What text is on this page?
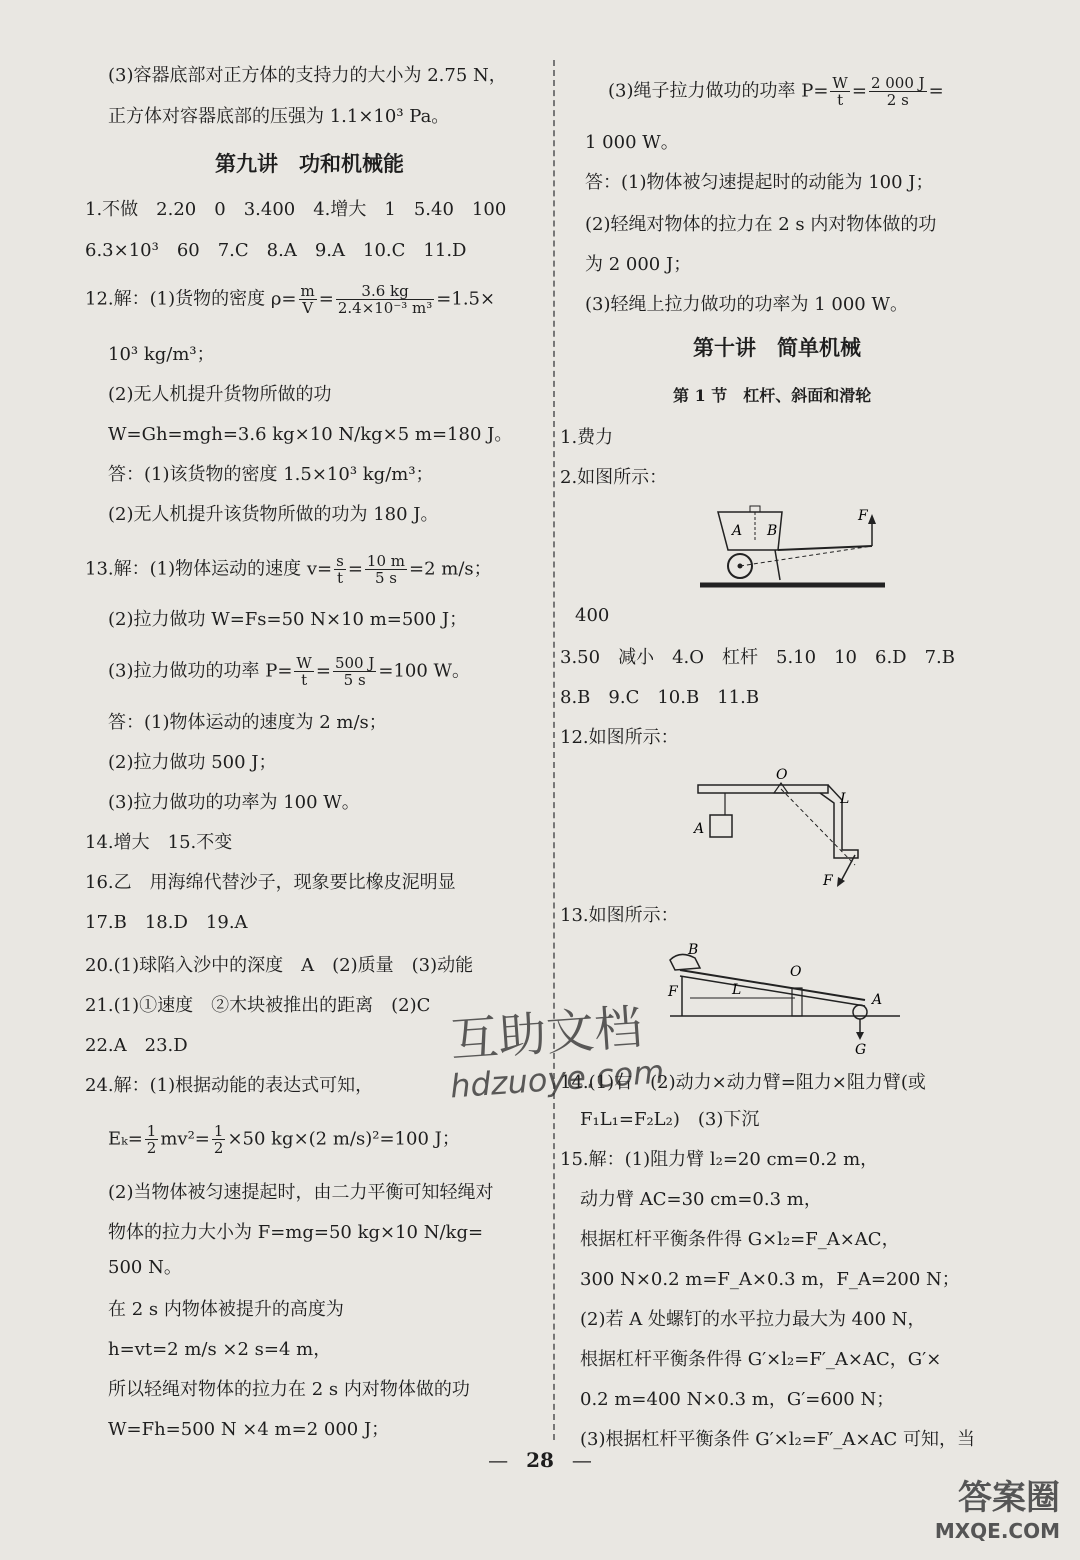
(3)容器底部对正方体的支持力的大小为 2.75 N，
正方体对容器底部的压强为 1.1×10³ Pa。
第九讲　功和机械能
1.不做　2.20　0　3.400　4.增大　1　5.40　100
6.3×10³　60　7.C　8.A　9.A　10.C　11.D
12.解：(1)货物的密度 $\rho= \frac{m}{V} = \frac{3.6 kg}{\text{2.4×10⁻³ m³}} =1.5\times$
10³ kg/m³；
(2)无人机提升货物所做的功
W=Gh=mgh=3.6 kg×10 N/kg×5 m=180 J。
答：(1)该货物的密度 1.5×10³ kg/m³；
(2)无人机提升该货物所做的功为 180 J。
13.解：(1)物体运动的速度 $v= \frac{s}{t} = \frac{10 m}{5 s} =2$ m/s；
(2)拉力做功 W=Fs=50 N×10 m=500 J；
(3)拉力做功的功率 $P= \frac{W}{t} = \frac{500 J}{5 s} =100$ W。
答：(1)物体运动的速度为 2 m/s；
(2)拉力做功 500 J；
(3)拉力做功的功率为 100 W。
14.增大　15.不变
16.乙　用海绵代替沙子，现象要比橡皮泥明显
17.B　18.D　19.A
20.(1)球陷入沙中的深度　A　(2)质量　(3)动能
21.(1)①速度　②木块被推出的距离　(2)C
22.A　23.D
24.解：(1)根据动能的表达式可知，
$E_k= \frac{1}{2} mv^2= \frac{1}{2} \times 50$ kg×(2 m/s)²=100 J；
(2)当物体被匀速提起时，由二力平衡可知轻绳对
物体的拉力大小为 F=mg=50 kg×10 N/kg=
500 N。
在 2 s 内物体被提升的高度为
h=vt=2 m/s ×2 s=4 m，
所以轻绳对物体的拉力在 2 s 内对物体做的功
W=Fh=500 N ×4 m=2 000 J；
(3)绳子拉力做功的功率 $P= \frac{W}{t} = \frac{2 000 J}{2 s}$ =
1 000 W。
答：(1)物体被匀速提起时的动能为 100 J；
(2)轻绳对物体的拉力在 2 s 内对物体做的功
为 2 000 J；
(3)轻绳上拉力做功的功率为 1 000 W。
第十讲　简单机械
第 1 节　杠杆、斜面和滑轮
1.费力
2.如图所示：
400
3.50　减小　4.O　杠杆　5.10　10　6.D　7.B
8.B　9.C　10.B　11.B
12.如图所示：
13.如图所示：
14.(1)右　(2)动力×动力臂=阻力×阻力臂(或
F₁L₁=F₂L₂)　(3)下沉
15.解：(1)阻力臂 l₂=20 cm=0.2 m，
动力臂 AC=30 cm=0.3 m，
根据杠杆平衡条件得 G×l₂=F_A×AC，
300 N×0.2 m=F_A×0.3 m，F_A=200 N；
(2)若 A 处螺钉的水平拉力最大为 400 N，
根据杠杆平衡条件得 G′×l₂=F′_A×AC，G′×
0.2 m=400 N×0.3 m，G′=600 N；
(3)根据杠杆平衡条件 G′×l₂=F′_A×AC 可知，当
A B
F
A
O
L
F
B
O
F	L
A
G
互助文档
hdzuoye.com
— 28 —
答案圈
MXQE.COM
